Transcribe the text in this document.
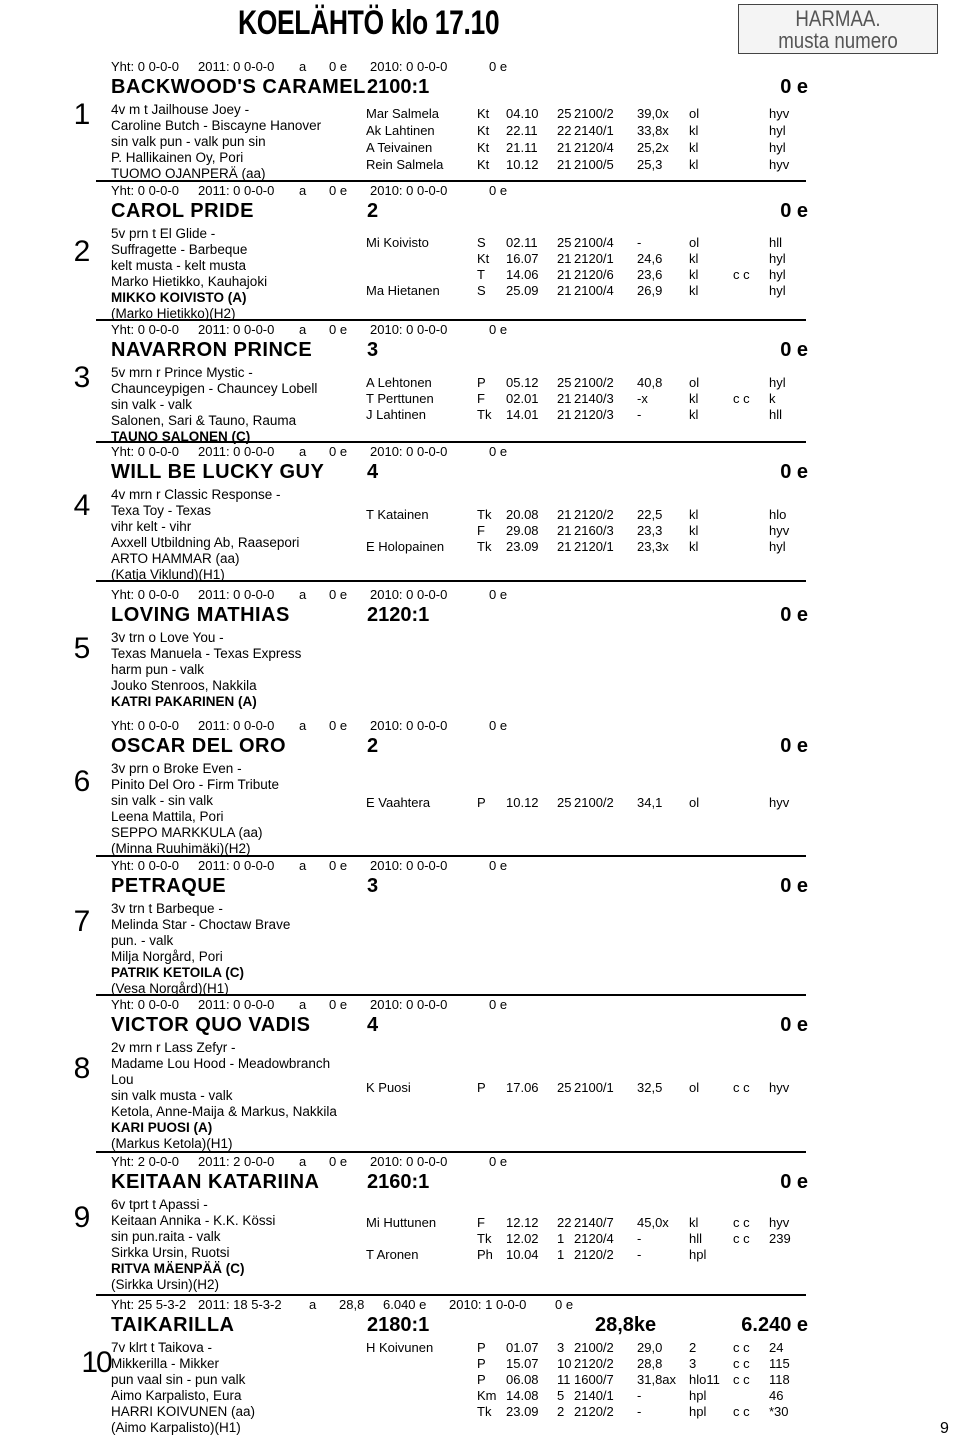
KOELÄHTÖ klo 17.10	HARMAA.
musta numero
1
Yht: 0 0-0-0 2011: 0 0-0-0 a 0 e 2010: 0 0-0-0	0 e
BACKWOOD'S CARAMEL 2100:1	0 e
4v m t Jailhouse Joey -
Caroline Butch - Biscayne Hanover
sin valk pun - valk pun sin
P. Hallikainen Oy, Pori
TUOMO OJANPERÄ (aa)
Mar Salmela	Kt 04.10 25 2100/2 39,0x ol	hyv
Ak Lahtinen	Kt 22.11 22 2140/1 33,8x kl	hyl
A Teivainen	Kt 21.11 21 2120/4 25,2x kl	hyl
Rein Salmela	Kt 10.12 21 2100/5 25,3 kl	hyv
2
Yht: 0 0-0-0 2011: 0 0-0-0 a 0 e 2010: 0 0-0-0	0 e
CAROL PRIDE	2	0 e
5v prn t El Glide -
Suffragette - Barbeque
kelt musta - kelt musta
Marko Hietikko, Kauhajoki
MIKKO KOIVISTO (A)
(Marko Hietikko)(H2)
Mi Koivisto	S 02.11 25 2100/4 -	ol	hll
Kt 16.07 21 2120/1 24,6 kl	hyl
T 14.06 21 2120/6 23,6 kl	c c hyl
Ma Hietanen	S 25.09 21 2100/4 26,9 kl	hyl
3
Yht: 0 0-0-0 2011: 0 0-0-0 a 0 e 2010: 0 0-0-0	0 e
NAVARRON PRINCE	3	0 e
5v mrn r Prince Mystic -
Chaunceypigen - Chauncey Lobell
sin valk - valk
Salonen, Sari & Tauno, Rauma
TAUNO SALONEN (C)
A Lehtonen	P 05.12 25 2100/2 40,8 ol	hyl
T Perttunen	F 02.01 21 2140/3 -x	kl	c c k
J Lahtinen	Tk 14.01 21 2120/3 -	kl	hll
4
Yht: 0 0-0-0 2011: 0 0-0-0 a 0 e 2010: 0 0-0-0	0 e
WILL BE LUCKY GUY 4	0 e
4v mrn r Classic Response -
Texa Toy - Texas
vihr kelt - vihr
Axxell Utbildning Ab, Raasepori
ARTO HAMMAR (aa)
(Katja Viklund)(H1)
T Katainen	Tk 20.08 21 2120/2 22,5 kl	hlo
F 29.08 21 2160/3 23,3 kl	hyv
E Holopainen	Tk 23.09 21 2120/1 23,3x kl	hyl
5
Yht: 0 0-0-0 2011: 0 0-0-0 a 0 e 2010: 0 0-0-0	0 e
LOVING MATHIAS	2120:1	0 e
3v trn o Love You -
Texas Manuela - Texas Express
harm pun - valk
Jouko Stenroos, Nakkila
KATRI PAKARINEN (A)
6
Yht: 0 0-0-0 2011: 0 0-0-0 a 0 e 2010: 0 0-0-0	0 e
OSCAR DEL ORO	2	0 e
3v prn o Broke Even -
Pinito Del Oro - Firm Tribute
sin valk - sin valk
Leena Mattila, Pori
SEPPO MARKKULA (aa)
(Minna Ruuhimäki)(H2)
E Vaahtera	P 10.12 25 2100/2 34,1 ol	hyv
7
Yht: 0 0-0-0 2011: 0 0-0-0 a 0 e 2010: 0 0-0-0	0 e
PETRAQUE	3	0 e
3v trn t Barbeque -
Melinda Star - Choctaw Brave
pun. - valk
Milja Norgård, Pori
PATRIK KETOILA (C)
(Vesa Norgård)(H1)
8
Yht: 0 0-0-0 2011: 0 0-0-0 a 0 e 2010: 0 0-0-0	0 e
VICTOR QUO VADIS	4	0 e
2v mrn r Lass Zefyr -
Madame Lou Hood - Meadowbranch
Lou
sin valk musta - valk
Ketola, Anne-Maija & Markus, Nakkila
KARI PUOSI (A)
(Markus Ketola)(H1)
K Puosi	P 17.06 25 2100/1 32,5 ol	c c hyv
9
Yht: 2 0-0-0 2011: 2 0-0-0 a 0 e 2010: 0 0-0-0	0 e
KEITAAN KATARIINA 2160:1	0 e
6v tprt t Apassi -
Keitaan Annika - K.K. Kössi
sin pun.raita - valk
Sirkka Ursin, Ruotsi
RITVA MÄENPÄÄ (C)
(Sirkka Ursin)(H2)
Mi Huttunen	F 12.12 22 2140/7 45,0x kl	c c hyv
Tk 12.02 1 2120/4 -	hll c c 239
T Aronen	Ph 10.04 1 2120/2 -	hpl
10
Yht: 25 5-3-2 2011: 18 5-3-2 a 28,8 6.040 e 2010: 1 0-0-0 0 e
TAIKARILLA	2180:1	28,8ke	6.240 e
7v klrt t Taikova -
Mikkerilla - Mikker
pun vaal sin - pun valk
Aimo Karpalisto, Eura
HARRI KOIVUNEN (aa)
(Aimo Karpalisto)(H1)
H Koivunen	P 01.07 3 2100/2 29,0 2	c c 24
P 15.07 10 2120/2 28,8 3	c c 115
P 06.08 11 1600/7 31,8ax hlo11 c c 118
Km 14.08 5 2140/1 -	hpl	46
Tk 23.09 2 2120/2 -	hpl c c *30
9
